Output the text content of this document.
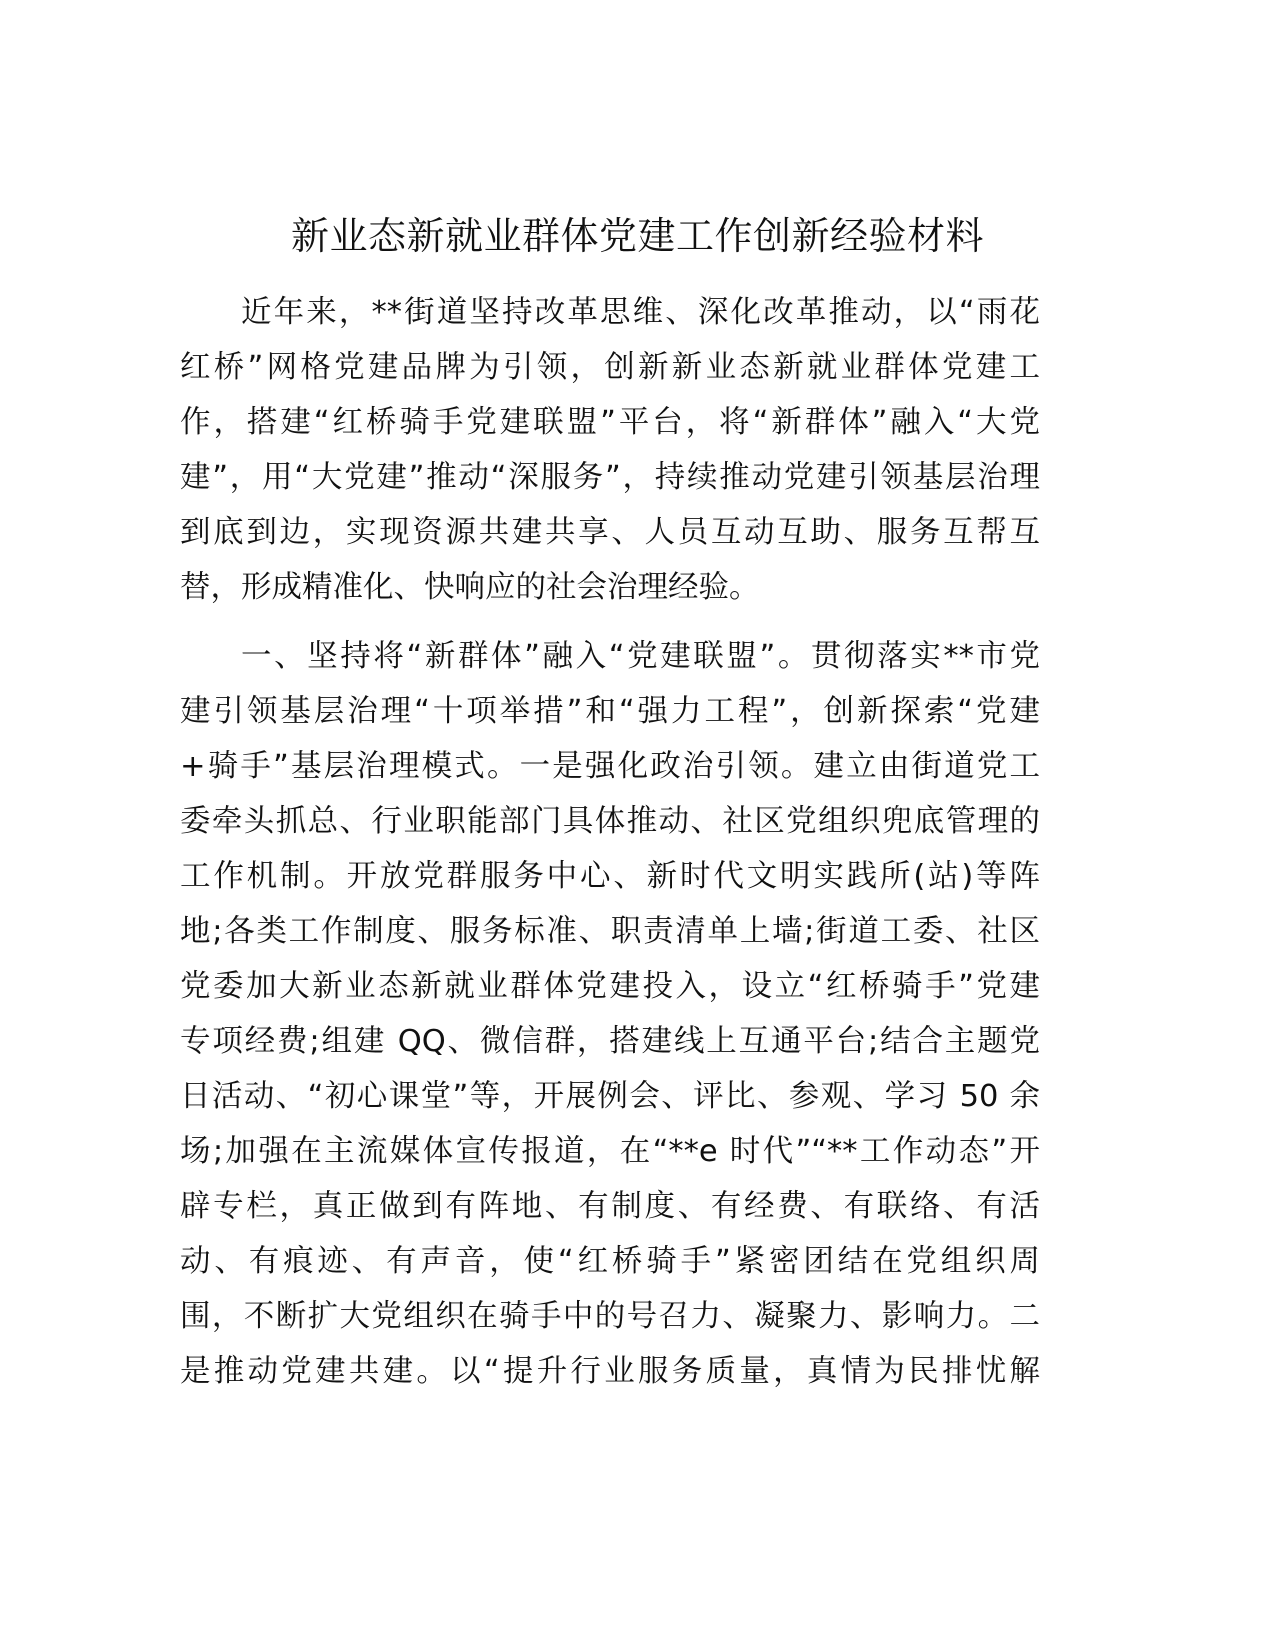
新业态新就业群体党建工作创新经验材料
近年来，**街道坚持改革思维、深化改革推动，以“雨花
红桥”网格党建品牌为引领，创新新业态新就业群体党建工
作，搭建“红桥骑手党建联盟”平台，将“新群体”融入“大党
建”，用“大党建”推动“深服务”，持续推动党建引领基层治理
到底到边，实现资源共建共享、人员互动互助、服务互帮互
替，形成精准化、快响应的社会治理经验。
一、坚持将“新群体”融入“党建联盟”。贯彻落实**市党
建引领基层治理“十项举措”和“强力工程”，创新探索“党建
+骑手”基层治理模式。一是强化政治引领。建立由街道党工
委牵头抓总、行业职能部门具体推动、社区党组织兜底管理的
工作机制。开放党群服务中心、新时代文明实践所(站)等阵
地;各类工作制度、服务标准、职责清单上墙;街道工委、社区
党委加大新业态新就业群体党建投入，设立“红桥骑手”党建
专项经费;组建 QQ、微信群，搭建线上互通平台;结合主题党
日活动、“初心课堂”等，开展例会、评比、参观、学习 50 余
场;加强在主流媒体宣传报道，在“**e 时代”“**工作动态”开
辟专栏，真正做到有阵地、有制度、有经费、有联络、有活
动、有痕迹、有声音，使“红桥骑手”紧密团结在党组织周
围，不断扩大党组织在骑手中的号召力、凝聚力、影响力。二
是推动党建共建。以“提升行业服务质量，真情为民排忧解
